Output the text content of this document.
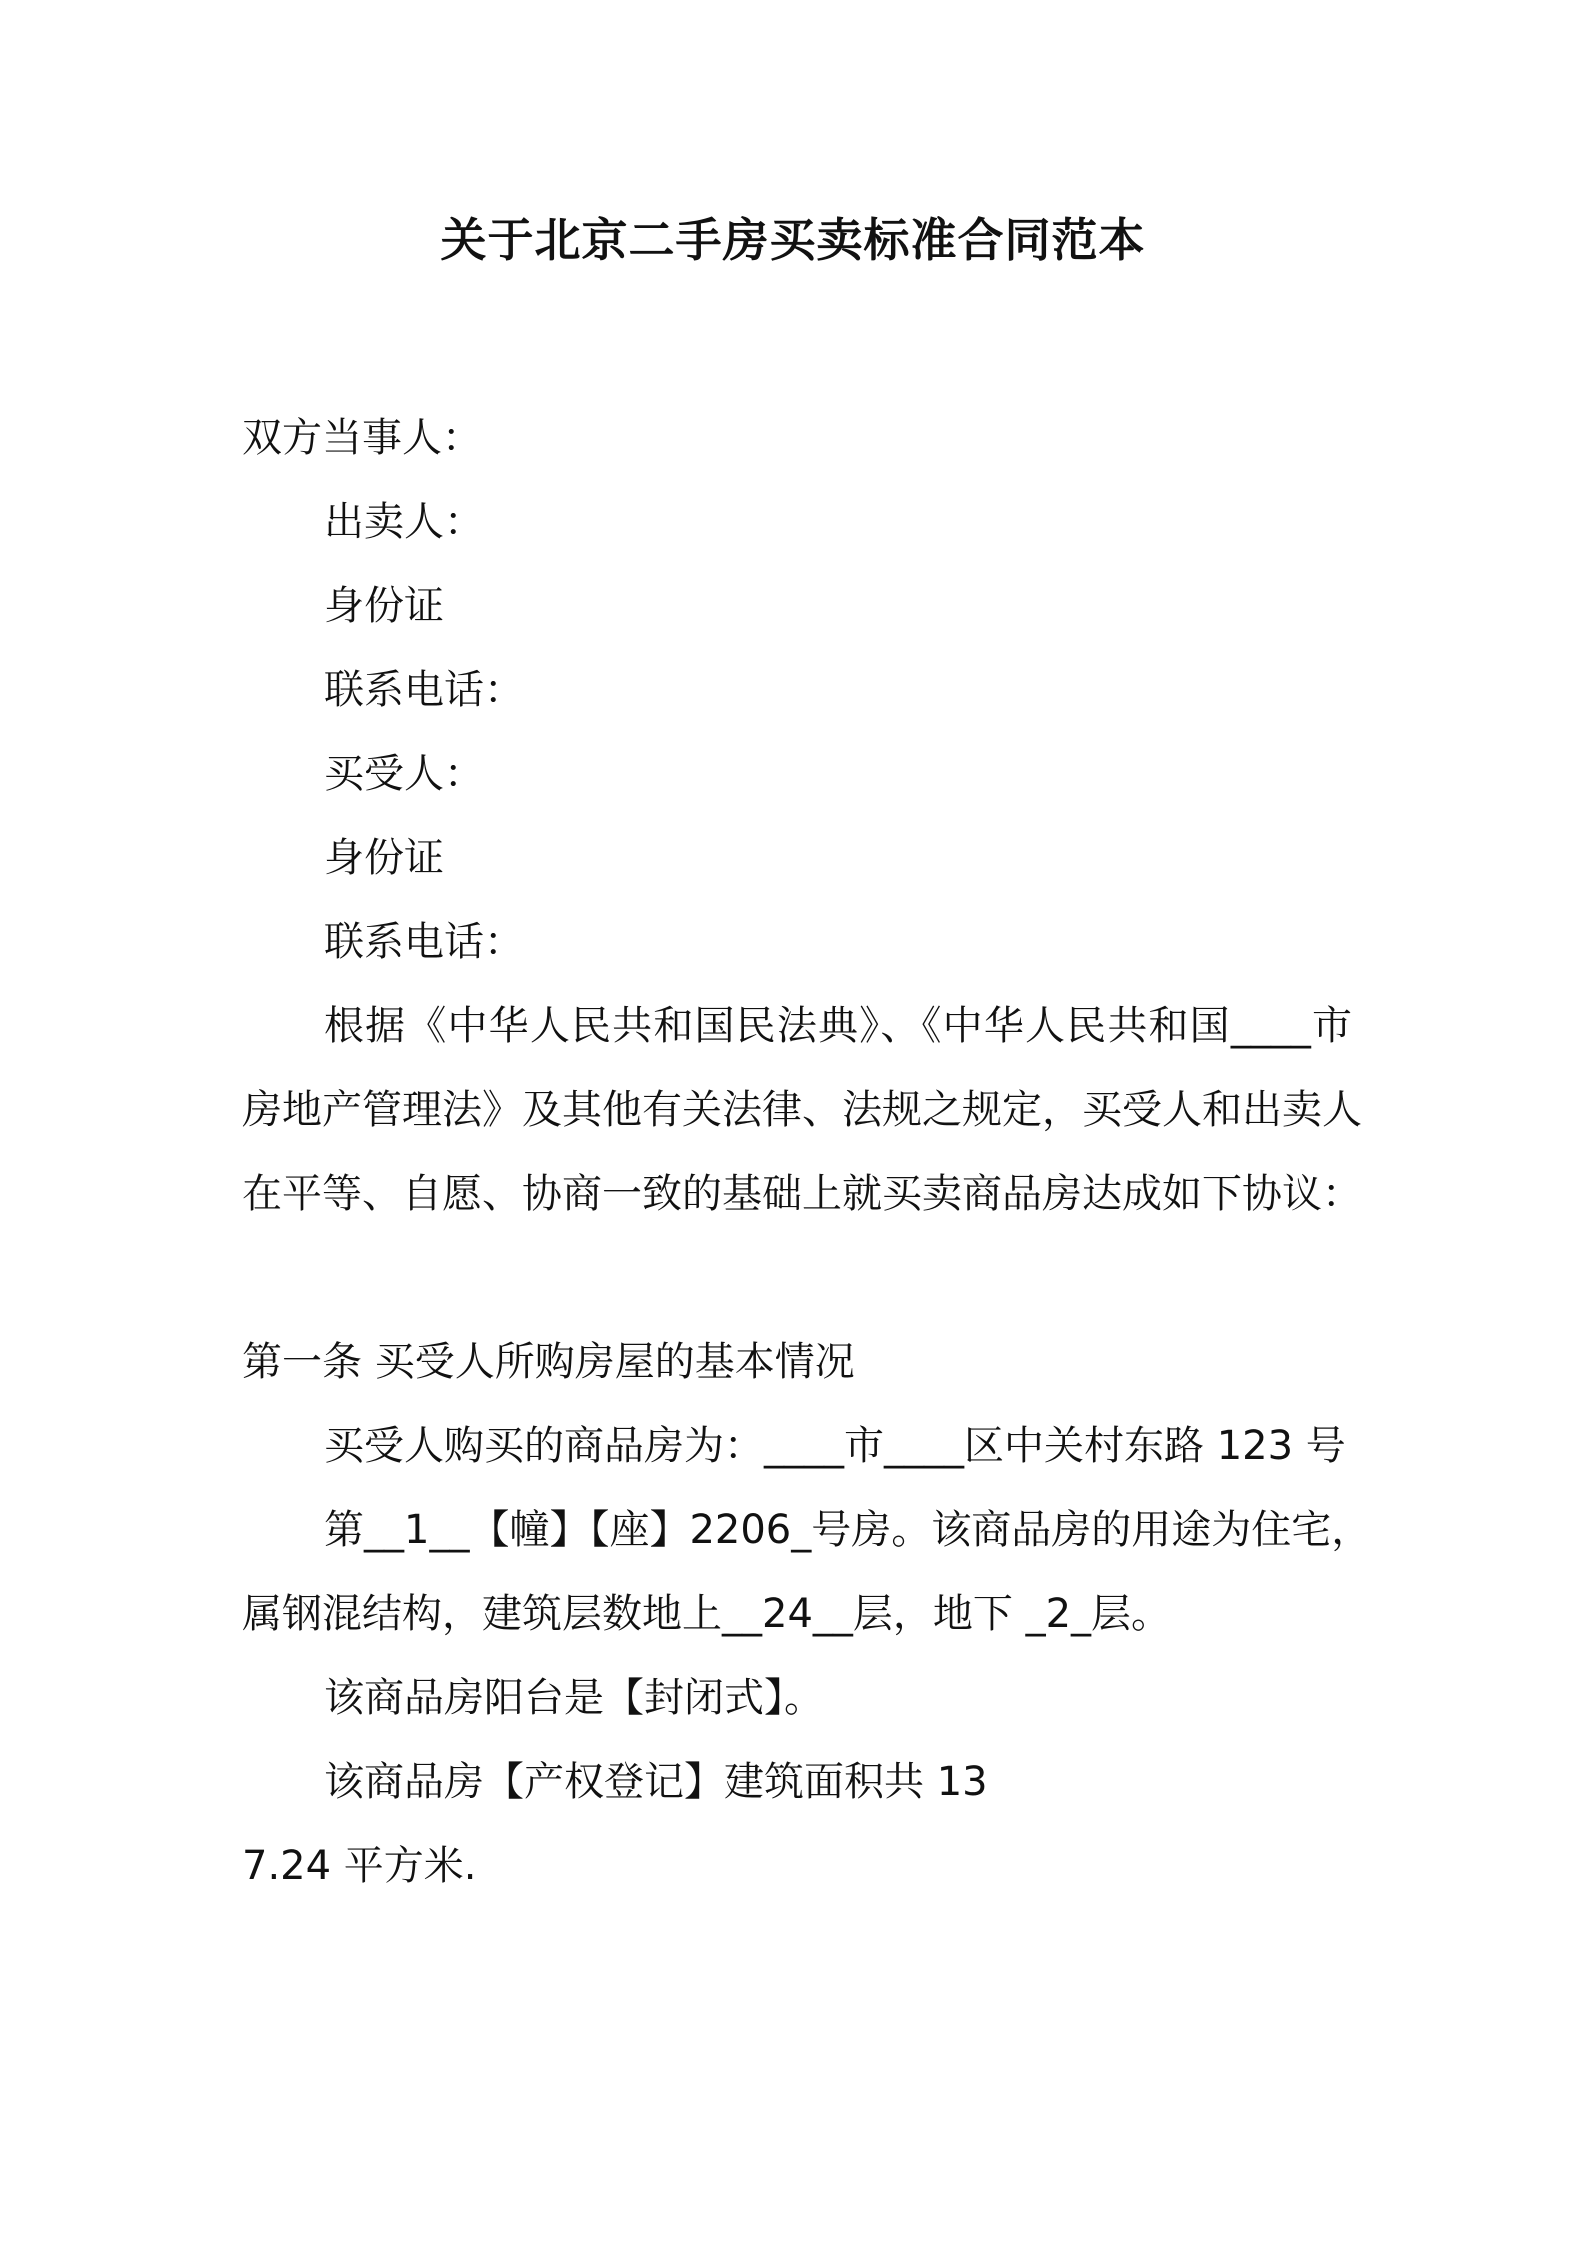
关于北京二手房买卖标准合同范本
双方当事人：
出卖人：
身份证
联系电话：
买受人：
身份证
联系电话：
根据《中华人民共和国民法典》、《中华人民共和国____市
房地产管理法》及其他有关法律、法规之规定，买受人和出卖人
在平等、自愿、协商一致的基础上就买卖商品房达成如下协议：
第一条 买受人所购房屋的基本情况
买受人购买的商品房为：____市____区中关村东路 123 号
第__1__【幢】【座】2206_号房。该商品房的用途为住宅，
属钢混结构，建筑层数地上__24__层，地下 _2_层。
该商品房阳台是【封闭式】。
该商品房【产权登记】建筑面积共 13
7.24 平方米.
